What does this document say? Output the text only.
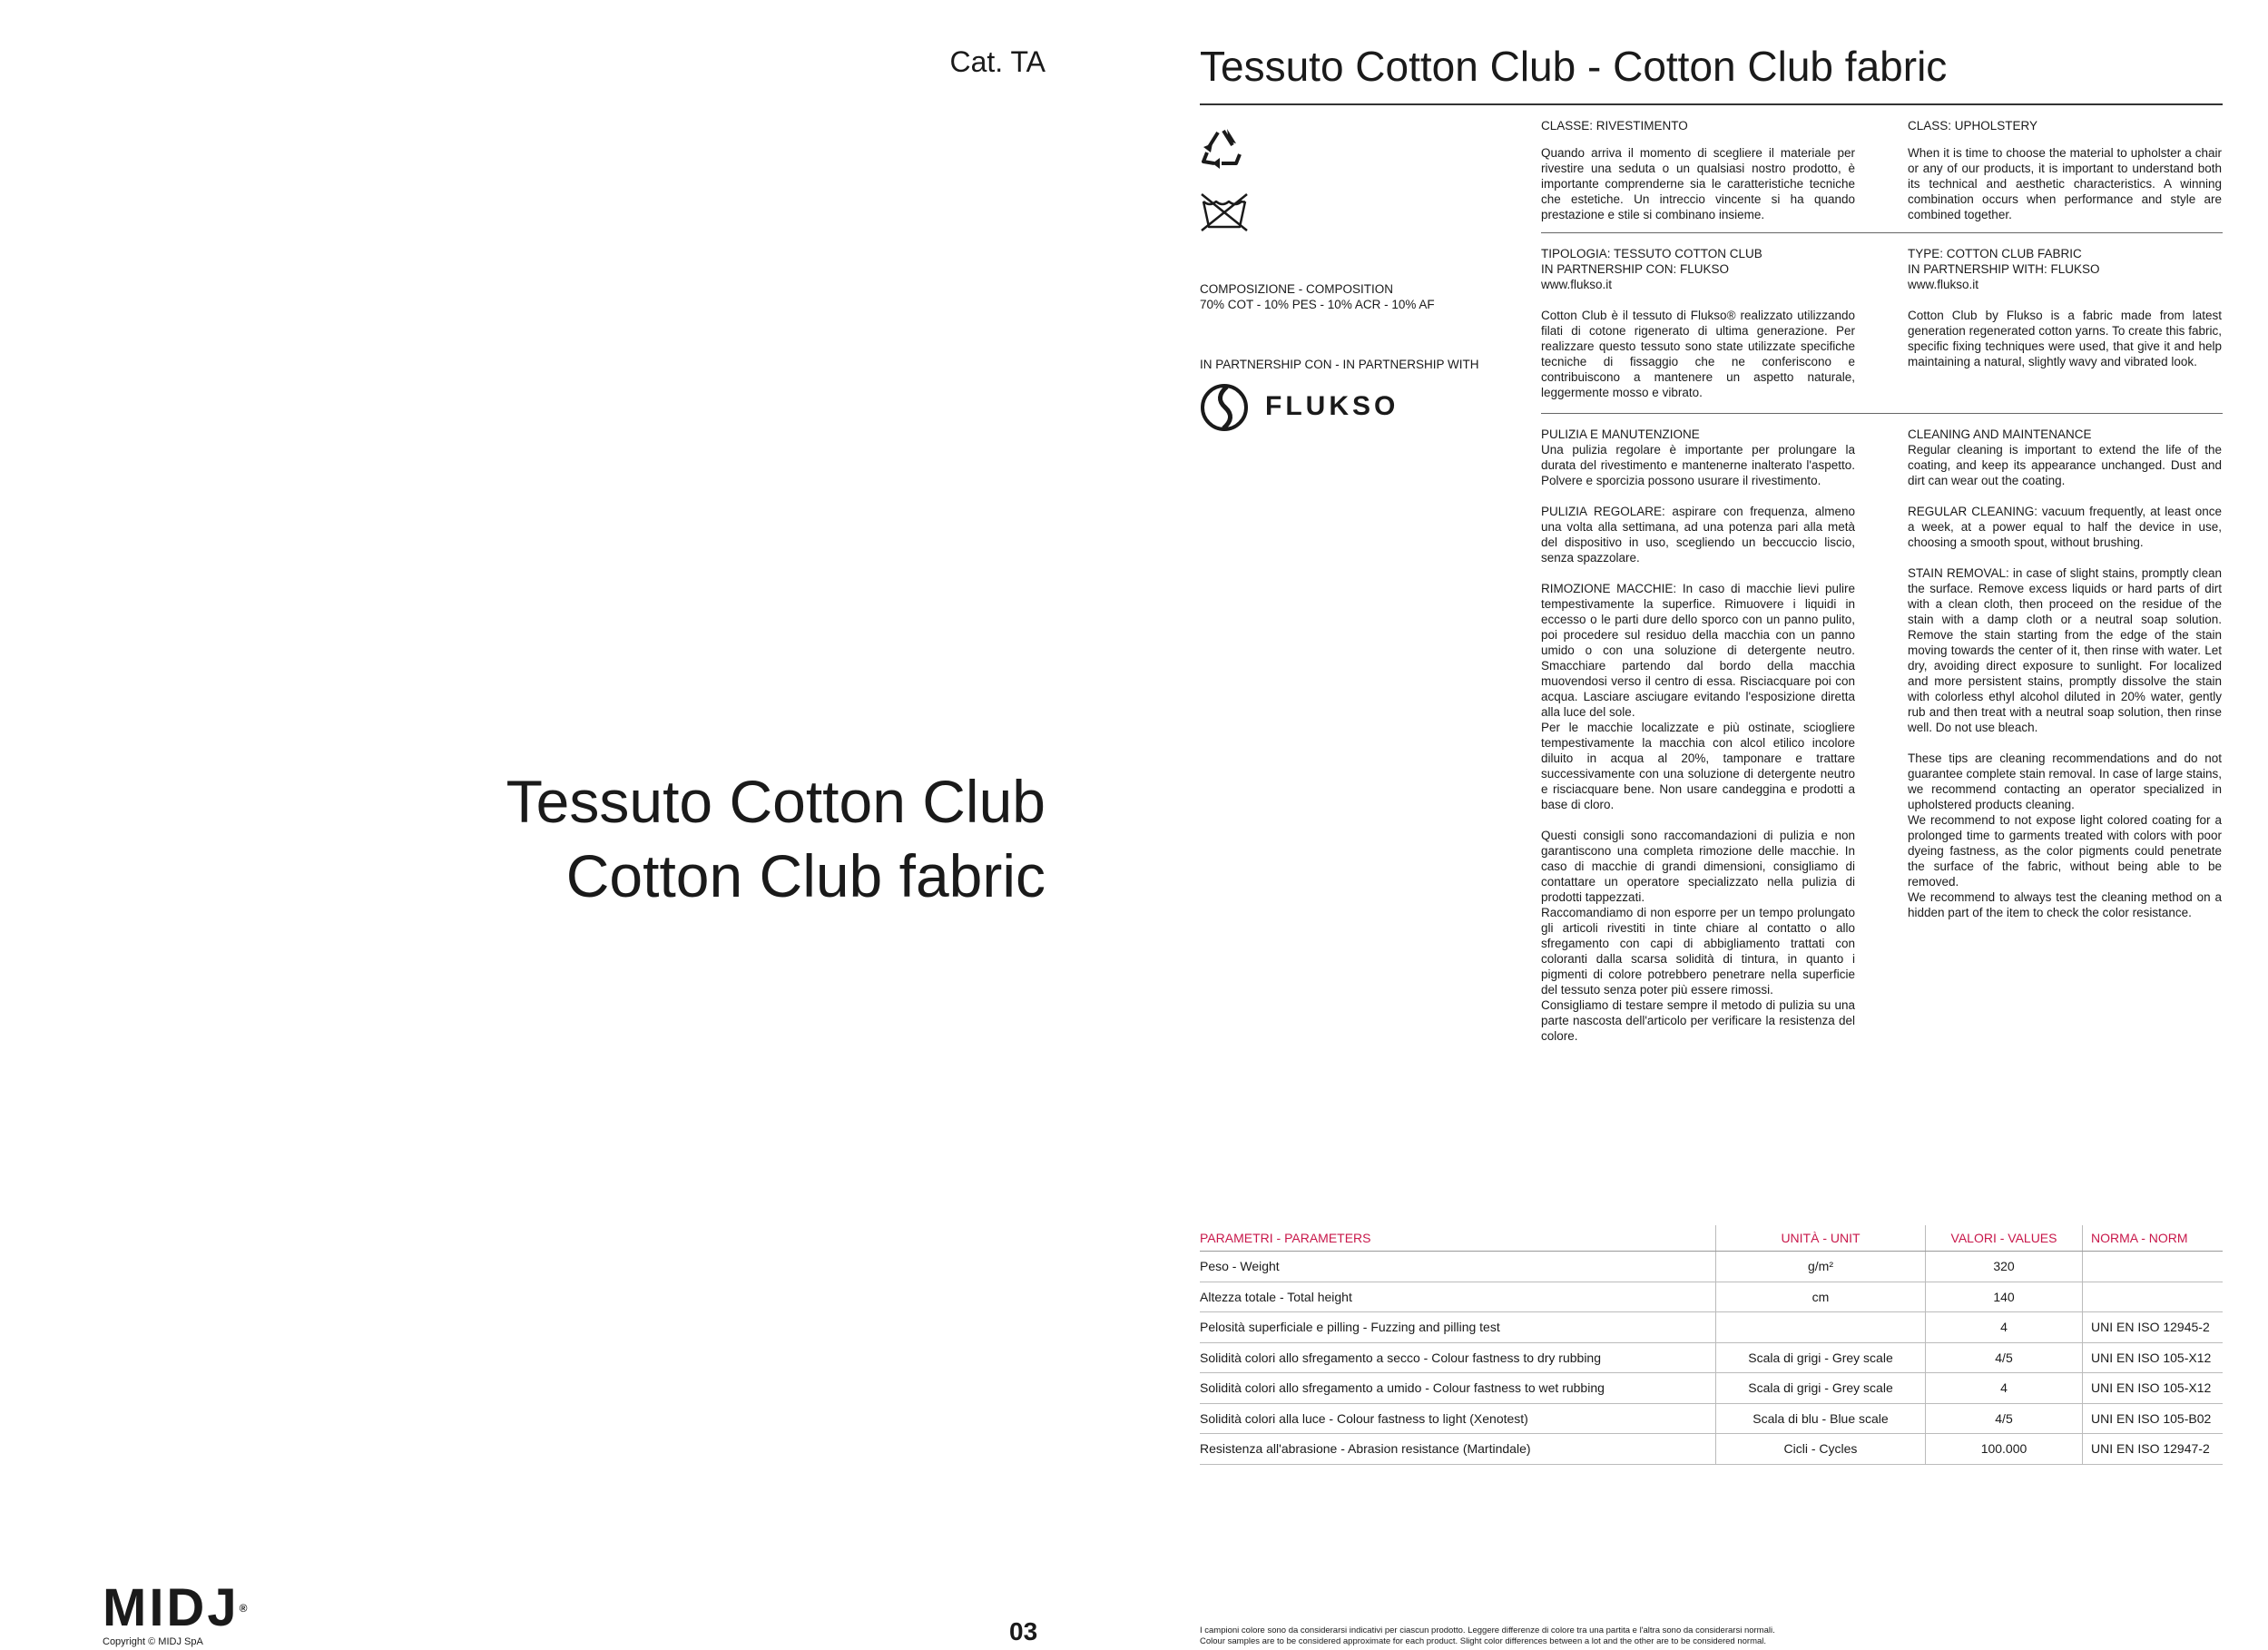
Cat. TA
Tessuto Cotton Club
Cotton Club fabric
MIDJ®
Copyright © MIDJ SpA	03
Tessuto Cotton Club - Cotton Club fabric
COMPOSIZIONE - COMPOSITION
70% COT - 10% PES - 10% ACR - 10% AF
IN PARTNERSHIP CON - IN PARTNERSHIP WITH
FLUKSO
CLASSE: RIVESTIMENTO
Quando arriva il momento di scegliere il materiale per rivestire una seduta o un qualsiasi nostro prodotto, è importante comprenderne sia le caratteristiche tecniche che estetiche. Un intreccio vincente si ha quando prestazione e stile si combinano insieme.
CLASS: UPHOLSTERY
When it is time to choose the material to upholster a chair or any of our products, it is important to understand both its technical and aesthetic characteristics. A winning combination occurs when performance and style are combined together.
TIPOLOGIA: TESSUTO COTTON CLUB
IN PARTNERSHIP CON: FLUKSO
www.flukso.it
Cotton Club è il tessuto di Flukso® realizzato utilizzando filati di cotone rigenerato di ultima generazione. Per realizzare questo tessuto sono state utilizzate specifiche tecniche di fissaggio che ne conferiscono e contribuiscono a mantenere un aspetto naturale, leggermente mosso e vibrato.
TYPE: COTTON CLUB FABRIC
IN PARTNERSHIP WITH: FLUKSO
www.flukso.it
Cotton Club by Flukso is a fabric made from latest generation regenerated cotton yarns. To create this fabric, specific fixing techniques were used, that give it and help maintaining a natural, slightly wavy and vibrated look.
PULIZIA E MANUTENZIONE
Una pulizia regolare è importante per prolungare la durata del rivestimento e mantenerne inalterato l'aspetto. Polvere e sporcizia possono usurare il rivestimento.
PULIZIA REGOLARE: aspirare con frequenza, almeno una volta alla settimana, ad una potenza pari alla metà del dispositivo in uso, scegliendo un beccuccio liscio, senza spazzolare.
RIMOZIONE MACCHIE: In caso di macchie lievi pulire tempestivamente la superfice. Rimuovere i liquidi in eccesso o le parti dure dello sporco con un panno pulito, poi procedere sul residuo della macchia con un panno umido o con una soluzione di detergente neutro. Smacchiare partendo dal bordo della macchia muovendosi verso il centro di essa. Risciacquare poi con acqua. Lasciare asciugare evitando l'esposizione diretta alla luce del sole.
Per le macchie localizzate e più ostinate, sciogliere tempestivamente la macchia con alcol etilico incolore diluito in acqua al 20%, tamponare e trattare successivamente con una soluzione di detergente neutro e risciacquare bene. Non usare candeggina e prodotti a base di cloro.
Questi consigli sono raccomandazioni di pulizia e non garantiscono una completa rimozione delle macchie. In caso di macchie di grandi dimensioni, consigliamo di contattare un operatore specializzato nella pulizia di prodotti tappezzati.
Raccomandiamo di non esporre per un tempo prolungato gli articoli rivestiti in tinte chiare al contatto o allo sfregamento con capi di abbigliamento trattati con coloranti dalla scarsa solidità di tintura, in quanto i pigmenti di colore potrebbero penetrare nella superficie del tessuto senza poter più essere rimossi.
Consigliamo di testare sempre il metodo di pulizia su una parte nascosta dell'articolo per verificare la resistenza del colore.
CLEANING AND MAINTENANCE
Regular cleaning is important to extend the life of the coating, and keep its appearance unchanged. Dust and dirt can wear out the coating.
REGULAR CLEANING: vacuum frequently, at least once a week, at a power equal to half the device in use, choosing a smooth spout, without brushing.
STAIN REMOVAL: in case of slight stains, promptly clean the surface. Remove excess liquids or hard parts of dirt with a clean cloth, then proceed on the residue of the stain with a damp cloth or a neutral soap solution. Remove the stain starting from the edge of the stain moving towards the center of it, then rinse with water. Let dry, avoiding direct exposure to sunlight. For localized and more persistent stains, promptly dissolve the stain with colorless ethyl alcohol diluted in 20% water, gently rub and then treat with a neutral soap solution, then rinse well. Do not use bleach.
These tips are cleaning recommendations and do not guarantee complete stain removal. In case of large stains, we recommend contacting an operator specialized in upholstered products cleaning.
We recommend to not expose light colored coating for a prolonged time to garments treated with colors with poor dyeing fastness, as the color pigments could penetrate the surface of the fabric, without being able to be removed.
We recommend to always test the cleaning method on a hidden part of the item to check the color resistance.
PARAMETRI - PARAMETERS	UNITÀ - UNIT	VALORI - VALUES	NORMA - NORM
Peso - Weight	g/m²	320	
Altezza totale - Total height	cm	140	
Pelosità superficiale e pilling - Fuzzing and pilling test		4	UNI EN ISO 12945-2
Solidità colori allo sfregamento a secco - Colour fastness to dry rubbing	Scala di grigi - Grey scale	4/5	UNI EN ISO 105-X12
Solidità colori allo sfregamento a umido - Colour fastness to wet rubbing	Scala di grigi - Grey scale	4	UNI EN ISO 105-X12
Solidità colori alla luce - Colour fastness to light (Xenotest)	Scala di blu - Blue scale	4/5	UNI EN ISO 105-B02
Resistenza all'abrasione - Abrasion resistance (Martindale)	Cicli - Cycles	100.000	UNI EN ISO 12947-2
I campioni colore sono da considerarsi indicativi per ciascun prodotto. Leggere differenze di colore tra una partita e l'altra sono da considerarsi normali.
Colour samples are to be considered approximate for each product. Slight color differences between a lot and the other are to be considered normal.
